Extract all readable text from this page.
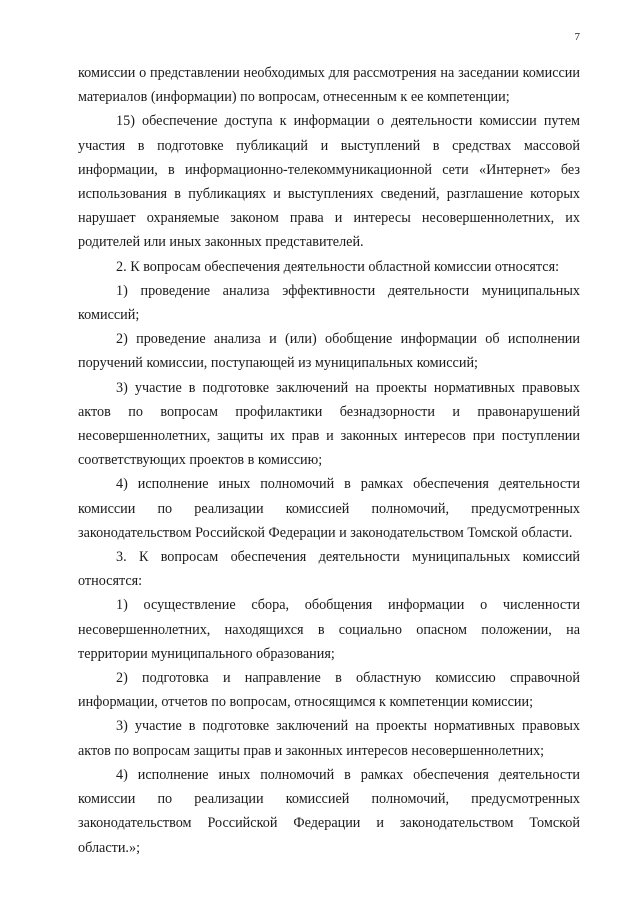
7

комиссии о представлении необходимых для рассмотрения на заседании комиссии материалов (информации) по вопросам, отнесенным к ее компетенции;

15) обеспечение доступа к информации о деятельности комиссии путем участия в подготовке публикаций и выступлений в средствах массовой информации, в информационно-телекоммуникационной сети «Интернет» без использования в публикациях и выступлениях сведений, разглашение которых нарушает охраняемые законом права и интересы несовершеннолетних, их родителей или иных законных представителей.

2. К вопросам обеспечения деятельности областной комиссии относятся:

1) проведение анализа эффективности деятельности муниципальных комиссий;

2) проведение анализа и (или) обобщение информации об исполнении поручений комиссии, поступающей из муниципальных комиссий;

3) участие в подготовке заключений на проекты нормативных правовых актов по вопросам профилактики безнадзорности и правонарушений несовершеннолетних, защиты их прав и законных интересов при поступлении соответствующих проектов в комиссию;

4) исполнение иных полномочий в рамках обеспечения деятельности комиссии по реализации комиссией полномочий, предусмотренных законодательством Российской Федерации и законодательством Томской области.

3. К вопросам обеспечения деятельности муниципальных комиссий относятся:

1) осуществление сбора, обобщения информации о численности несовершеннолетних, находящихся в социально опасном положении, на территории муниципального образования;

2) подготовка и направление в областную комиссию справочной информации, отчетов по вопросам, относящимся к компетенции комиссии;

3) участие в подготовке заключений на проекты нормативных правовых актов по вопросам защиты прав и законных интересов несовершеннолетних;

4) исполнение иных полномочий в рамках обеспечения деятельности комиссии по реализации комиссией полномочий, предусмотренных законодательством Российской Федерации и законодательством Томской области.»;
